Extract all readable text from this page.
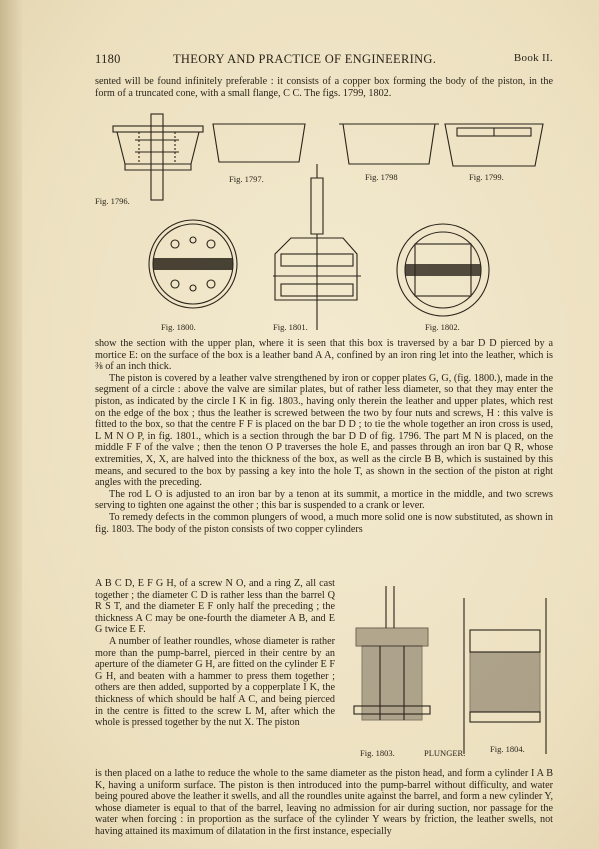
1180	THEORY AND PRACTICE OF ENGINEERING.	Book II.

sented will be found infinitely preferable : it consists of a copper box forming the body of the piston, in the form of a truncated cone, with a small flange, C C. The figs. 1799, 1802.

Fig. 1796.
Fig. 1797.	Fig. 1798	Fig. 1799.
Fig. 1800.	Fig. 1801.	Fig. 1802.

show the section with the upper plan, where it is seen that this box is traversed by a bar D D pierced by a mortice E: on the surface of the box is a leather band A A, confined by an iron ring let into the leather, which is ⅜ of an inch thick.

The piston is covered by a leather valve strengthened by iron or copper plates G, G, (fig. 1800.), made in the segment of a circle : above the valve are similar plates, but of rather less diameter, so that they may enter the piston, as indicated by the circle I K in fig. 1803., having only therein the leather and upper plates, which rest on the edge of the box ; thus the leather is screwed between the two by four nuts and screws, H : this valve is fitted to the box, so that the centre F F is placed on the bar D D ; to tie the whole together an iron cross is used, L M N O P, in fig. 1801., which is a section through the bar D D of fig. 1796. The part M N is placed, on the middle F F of the valve ; then the tenon O P traverses the hole E, and passes through an iron bar Q R, whose extremities, X, X, are halved into the thickness of the box, as well as the circle B B, which is sustained by this means, and secured to the box by passing a key into the hole T, as shown in the section of the piston at right angles with the preceding.

The rod L O is adjusted to an iron bar by a tenon at its summit, a mortice in the middle, and two screws serving to tighten one against the other ; this bar is suspended to a crank or lever.

To remedy defects in the common plungers of wood, a much more solid one is now substituted, as shown in fig. 1803. The body of the piston consists of two copper cylinders

A B C D, E F G H, of a screw N O, and a ring Z, all cast together ; the diameter C D is rather less than the barrel Q R S T, and the diameter E F only half the preceding ; the thickness A C may be one-fourth the diameter A B, and E G twice E F.

A number of leather roundles, whose diameter is rather more than the pump-barrel, pierced in their centre by an aperture of the diameter G H, are fitted on the cylinder E F G H, and beaten with a hammer to press them together ; others are then added, supported by a copperplate I K, the thickness of which should be half A C, and being pierced in the centre is fitted to the screw L M, after which the whole is pressed together by the nut X. The piston

Fig. 1803.	PLUNGER.	Fig. 1804.

is then placed on a lathe to reduce the whole to the same diameter as the piston head, and form a cylinder I A B K, having a uniform surface. The piston is then introduced into the pump-barrel without difficulty, and water being poured above the leather it swells, and all the roundles unite against the barrel, and form a new cylinder Y, whose diameter is equal to that of the barrel, leaving no admission for air during suction, nor passage for the water when forcing : in proportion as the surface of the cylinder Y wears by friction, the leather swells, not having attained its maximum of dilatation in the first instance, especially
